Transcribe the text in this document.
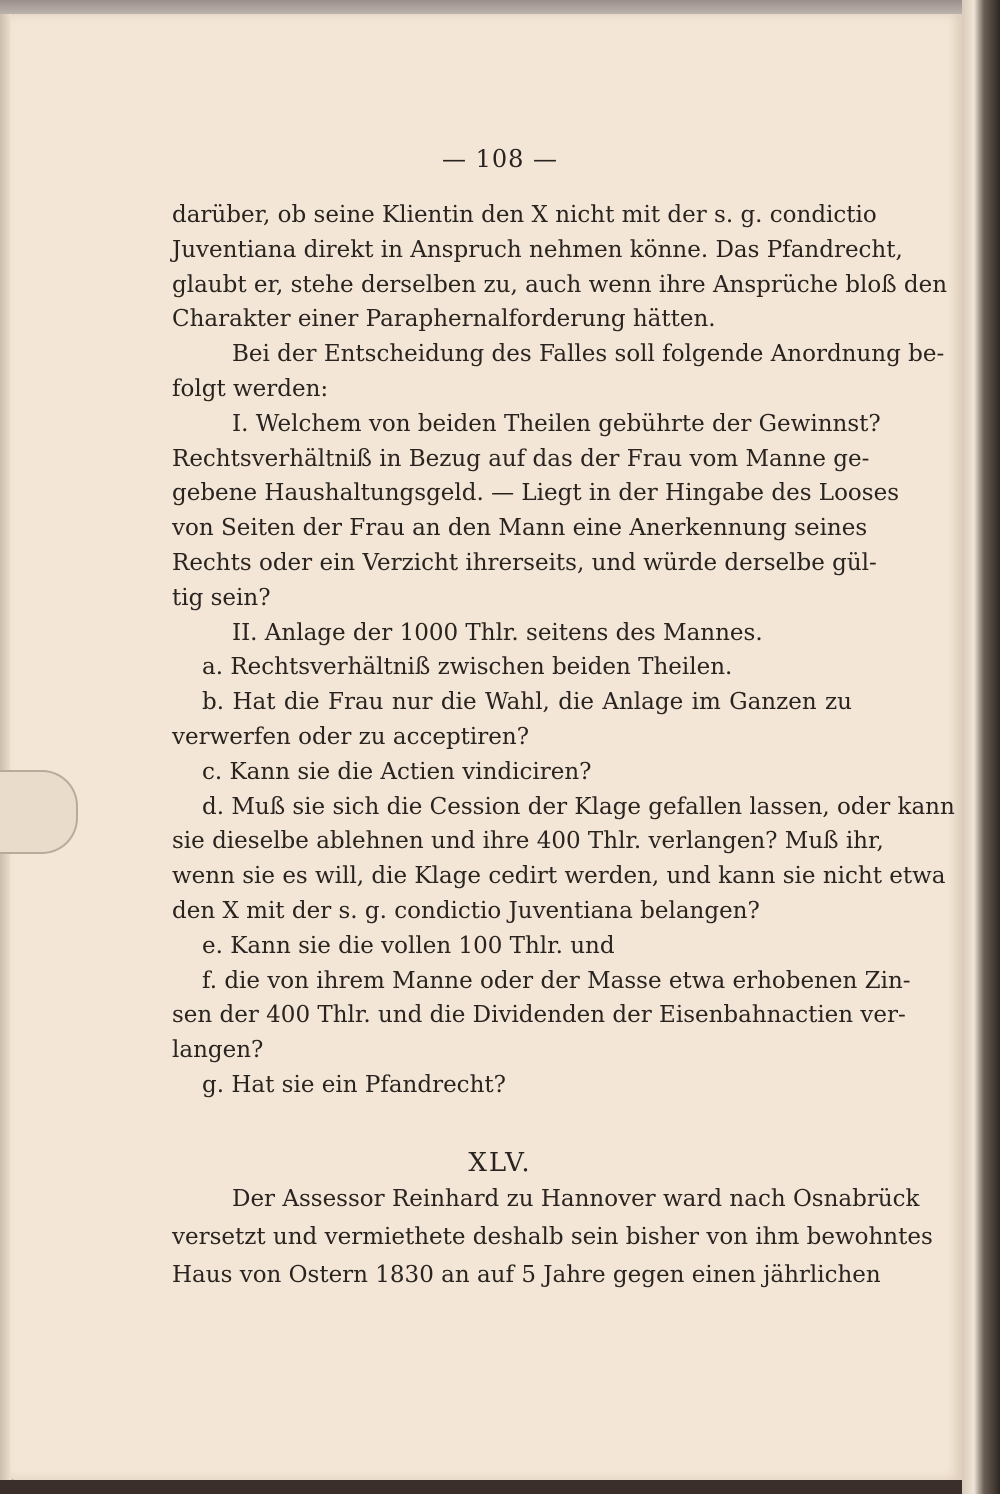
— 108 —
darüber, ob seine Klientin den X nicht mit der s. g. condictio
Juventiana direkt in Anspruch nehmen könne. Das Pfandrecht,
glaubt er, stehe derselben zu, auch wenn ihre Ansprüche bloß den
Charakter einer Paraphernalforderung hätten.
Bei der Entscheidung des Falles soll folgende Anordnung be-
folgt werden:
I. Welchem von beiden Theilen gebührte der Gewinnst?
Rechtsverhältniß in Bezug auf das der Frau vom Manne ge-
gebene Haushaltungsgeld. — Liegt in der Hingabe des Looses
von Seiten der Frau an den Mann eine Anerkennung seines
Rechts oder ein Verzicht ihrerseits, und würde derselbe gül-
tig sein?
II. Anlage der 1000 Thlr. seitens des Mannes.
a. Rechtsverhältniß zwischen beiden Theilen.
b. Hat die Frau nur die Wahl, die Anlage im Ganzen zu
verwerfen oder zu acceptiren?
c. Kann sie die Actien vindiciren?
d. Muß sie sich die Cession der Klage gefallen lassen, oder kann
sie dieselbe ablehnen und ihre 400 Thlr. verlangen? Muß ihr,
wenn sie es will, die Klage cedirt werden, und kann sie nicht etwa
den X mit der s. g. condictio Juventiana belangen?
e. Kann sie die vollen 100 Thlr. und
f. die von ihrem Manne oder der Masse etwa erhobenen Zin-
sen der 400 Thlr. und die Dividenden der Eisenbahnactien ver-
langen?
g. Hat sie ein Pfandrecht?
XLV.
Der Assessor Reinhard zu Hannover ward nach Osnabrück
versetzt und vermiethete deshalb sein bisher von ihm bewohntes
Haus von Ostern 1830 an auf 5 Jahre gegen einen jährlichen
